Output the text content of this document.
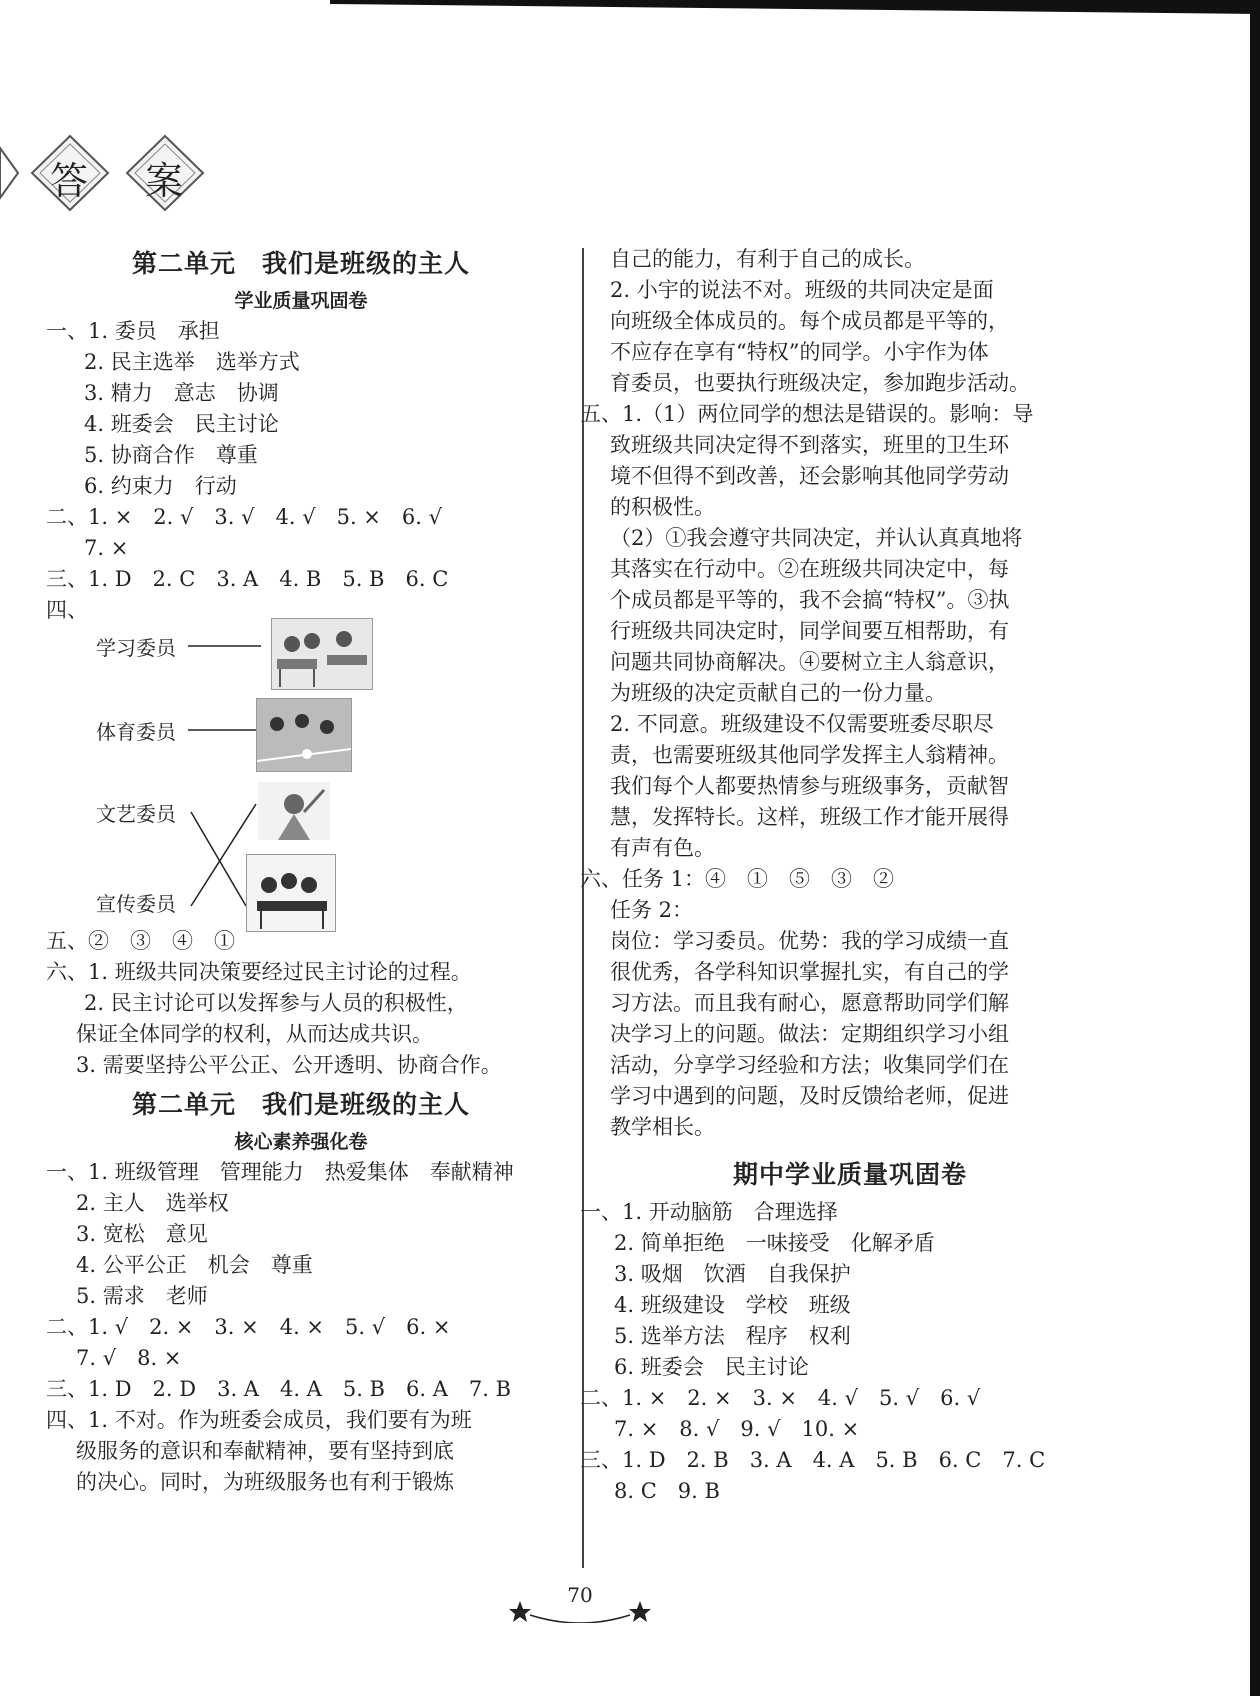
答 案
第二单元　我们是班级的主人
学业质量巩固卷
一、1. 委员　承担
2. 民主选举　选举方式
3. 精力　意志　协调
4. 班委会　民主讨论
5. 协商合作　尊重
6. 约束力　行动
二、1. ×　2. √　3. √　4. √　5. ×　6. √
7. ×
三、1. D　2. C　3. A　4. B　5. B　6. C
四、
学习委员
体育委员
文艺委员
宣传委员
五、②　③　④　①
六、1. 班级共同决策要经过民主讨论的过程。
2. 民主讨论可以发挥参与人员的积极性，
保证全体同学的权利，从而达成共识。
3. 需要坚持公平公正、公开透明、协商合作。
第二单元　我们是班级的主人
核心素养强化卷
一、1. 班级管理　管理能力　热爱集体　奉献精神
2. 主人　选举权
3. 宽松　意见
4. 公平公正　机会　尊重
5. 需求　老师
二、1. √　2. ×　3. ×　4. ×　5. √　6. ×
7. √　8. ×
三、1. D　2. D　3. A　4. A　5. B　6. A　7. B
四、1. 不对。作为班委会成员，我们要有为班
级服务的意识和奉献精神，要有坚持到底
的决心。同时，为班级服务也有利于锻炼
自己的能力，有利于自己的成长。
2. 小宇的说法不对。班级的共同决定是面
向班级全体成员的。每个成员都是平等的，
不应存在享有“特权”的同学。小宇作为体
育委员，也要执行班级决定，参加跑步活动。
五、1.（1）两位同学的想法是错误的。影响：导
致班级共同决定得不到落实，班里的卫生环
境不但得不到改善，还会影响其他同学劳动
的积极性。
（2）①我会遵守共同决定，并认认真真地将
其落实在行动中。②在班级共同决定中，每
个成员都是平等的，我不会搞“特权”。③执
行班级共同决定时，同学间要互相帮助，有
问题共同协商解决。④要树立主人翁意识，
为班级的决定贡献自己的一份力量。
2. 不同意。班级建设不仅需要班委尽职尽
责，也需要班级其他同学发挥主人翁精神。
我们每个人都要热情参与班级事务，贡献智
慧，发挥特长。这样，班级工作才能开展得
有声有色。
六、任务 1：④　①　⑤　③　②
任务 2：
岗位：学习委员。优势：我的学习成绩一直
很优秀，各学科知识掌握扎实，有自己的学
习方法。而且我有耐心，愿意帮助同学们解
决学习上的问题。做法：定期组织学习小组
活动，分享学习经验和方法；收集同学们在
学习中遇到的问题，及时反馈给老师，促进
教学相长。
期中学业质量巩固卷
一、1. 开动脑筋　合理选择
2. 简单拒绝　一味接受　化解矛盾
3. 吸烟　饮酒　自我保护
4. 班级建设　学校　班级
5. 选举方法　程序　权利
6. 班委会　民主讨论
二、1. ×　2. ×　3. ×　4. √　5. √　6. √
7. ×　8. √　9. √　10. ×
三、1. D　2. B　3. A　4. A　5. B　6. C　7. C
8. C　9. B
70
